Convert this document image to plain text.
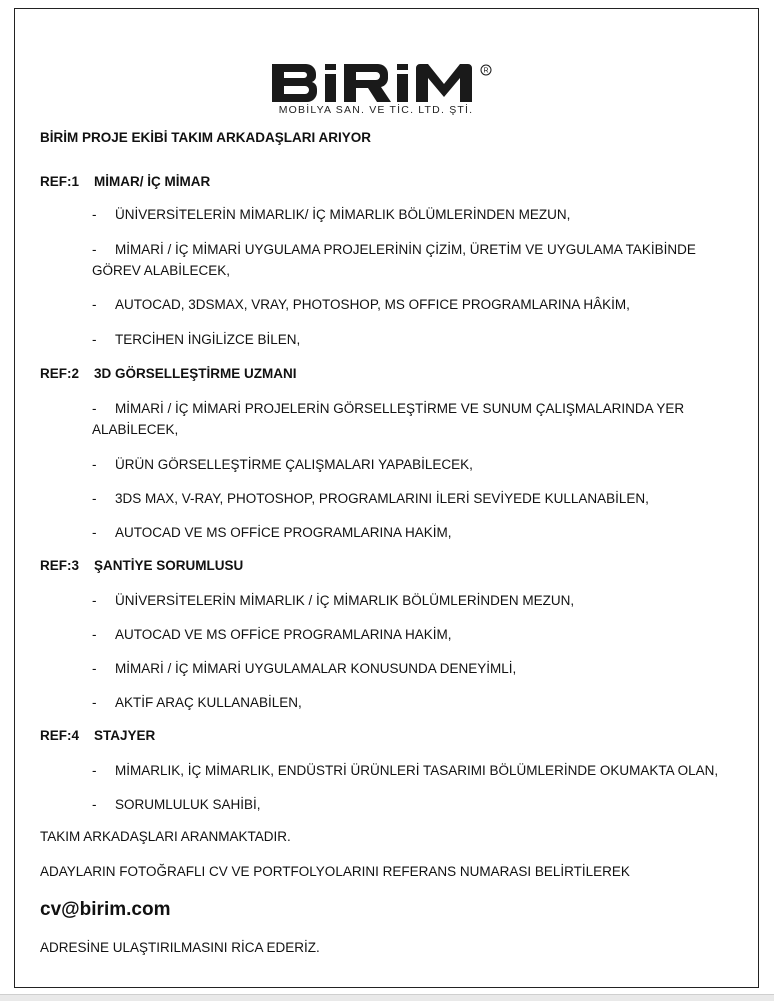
R
MOBİLYA SAN. VE TİC. LTD. ŞTİ.
BİRİM PROJE EKİBİ TAKIM ARKADAŞLARI ARIYOR
REF:1 MİMAR/ İÇ MİMAR
-	ÜNİVERSİTELERİN MİMARLIK/ İÇ MİMARLIK BÖLÜMLERİNDEN MEZUN,
-	MİMARİ / İÇ MİMARİ UYGULAMA PROJELERİNİN ÇİZİM, ÜRETİM VE UYGULAMA TAKİBİNDE GÖREV ALABİLECEK,
-	AUTOCAD, 3DSMAX, VRAY, PHOTOSHOP, MS OFFICE PROGRAMLARINA HÂKİM,
-	TERCİHEN İNGİLİZCE BİLEN,
REF:2 3D GÖRSELLEŞTİRME UZMANI
-	MİMARİ / İÇ MİMARİ PROJELERİN GÖRSELLEŞTİRME VE SUNUM ÇALIŞMALARINDA YER ALABİLECEK,
-	ÜRÜN GÖRSELLEŞTİRME ÇALIŞMALARI YAPABİLECEK,
-	3DS MAX, V-RAY, PHOTOSHOP, PROGRAMLARINI İLERİ SEVİYEDE KULLANABİLEN,
-	AUTOCAD VE MS OFFİCE PROGRAMLARINA HAKİM,
REF:3 ŞANTİYE SORUMLUSU
-	ÜNİVERSİTELERİN MİMARLIK / İÇ MİMARLIK BÖLÜMLERİNDEN MEZUN,
-	AUTOCAD VE MS OFFİCE PROGRAMLARINA HAKİM,
-	MİMARİ / İÇ MİMARİ UYGULAMALAR KONUSUNDA DENEYİMLİ,
-	AKTİF ARAÇ KULLANABİLEN,
REF:4 STAJYER
-	MİMARLIK, İÇ MİMARLIK, ENDÜSTRİ ÜRÜNLERİ TASARIMI BÖLÜMLERİNDE OKUMAKTA OLAN,
-	SORUMLULUK SAHİBİ,
TAKIM ARKADAŞLARI ARANMAKTADIR.
ADAYLARIN FOTOĞRAFLI CV VE PORTFOLYOLARINI REFERANS NUMARASI BELİRTİLEREK
cv@birim.com
ADRESİNE ULAŞTIRILMASINI RİCA EDERİZ.
